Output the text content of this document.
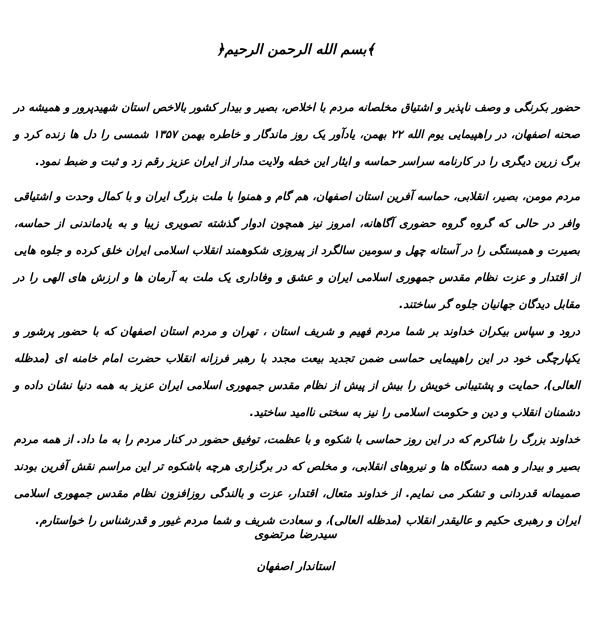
﴿بسم الله الرحمن الرحیم﴾

حضور بکرنگی و وصف ناپذیر و اشتیاق مخلصانه مردم با اخلاص، بصیر و بیدار کشور بالاخص استان شهیدپرور و همیشه در صحنه اصفهان، در راهپیمایی یوم الله ۲۲ بهمن، یادآور یک روز ماندگار و خاطره بهمن ۱۳۵۷ شمسی را دل ها زنده کرد و برگ زرین دیگری را در کارنامه سراسر حماسه و ایثار این خطه ولایت مدار از ایران عزیز رقم زد و ثبت و ضبط نمود.

مردم مومن، بصیر، انقلابی، حماسه آفرین استان اصفهان، هم گام و همنوا با ملت بزرگ ایران و با کمال وحدت و اشتیاقی وافر در حالی که گروه گروه حضوری آگاهانه، امروز نیز همچون ادوار گذشته تصویری زیبا و به یادماندنی از حماسه، بصیرت و همبستگی را در آستانه چهل و سومین سالگرد از پیروزی شکوهمند انقلاب اسلامی ایران خلق کرده و جلوه هایی از اقتدار و عزت نظام مقدس جمهوری اسلامی ایران و عشق و وفاداری یک ملت به آرمان ها و ارزش های الهی را در مقابل دیدگان جهانیان جلوه گر ساختند.

درود و سپاس بیکران خداوند بر شما مردم فهیم و شریف استان ، تهران و مردم استان اصفهان که با حضور پرشور و یکپارچگی خود در این راهپیمایی حماسی ضمن تجدید بیعت مجدد با رهبر فرزانه انقلاب حضرت امام خامنه ای (مدظله العالی)، حمایت و پشتیبانی خویش را بیش از پیش از نظام مقدس جمهوری اسلامی ایران عزیز به همه دنیا نشان داده و دشمنان انقلاب و دین و حکومت اسلامی را نیز به سختی ناامید ساختید.

خداوند بزرگ را شاکرم که در این روز حماسی با شکوه و با عظمت، توفیق حضور در کنار مردم را به ما داد. از همه مردم بصیر و بیدار و همه دستگاه ها و نیروهای انقلابی، و مخلص که در برگزاری هرچه باشکوه تر این مراسم نقش آفرین بودند صمیمانه قدردانی و تشکر می نمایم. از خداوند متعال، اقتدار، عزت و بالندگی روزافزون نظام مقدس جمهوری اسلامی ایران و رهبری حکیم و عالیقدر انقلاب (مدظله العالی)، و سعادت شریف و شما مردم غیور و قدرشناس را خواستارم.

سیدرضا مرتضوی
استاندار اصفهان
